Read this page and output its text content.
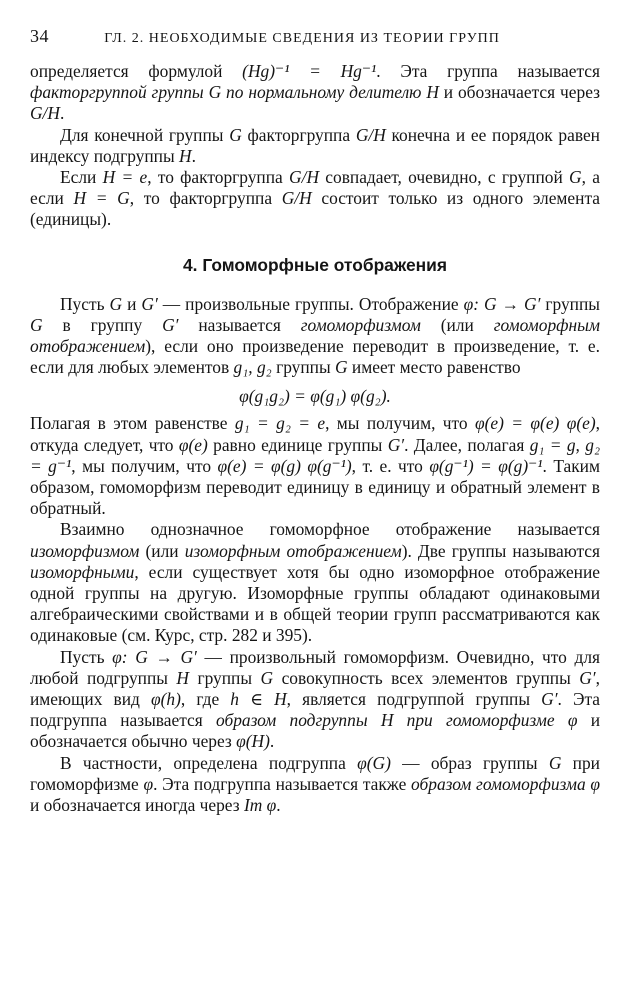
34	ГЛ. 2. НЕОБХОДИМЫЕ СВЕДЕНИЯ ИЗ ТЕОРИИ ГРУПП

определяется формулой (Hg)⁻¹ = Hg⁻¹. Эта группа называется факторгруппой группы G по нормальному делителю H и обозначается через G/H.

Для конечной группы G факторгруппа G/H конечна и ее порядок равен индексу подгруппы H.

Если H = e, то факторгруппа G/H совпадает, очевидно, с группой G, а если H = G, то факторгруппа G/H состоит только из одного элемента (единицы).

4. Гомоморфные отображения

Пусть G и G′ — произвольные группы. Отображение φ: G → G′ группы G в группу G′ называется гомоморфизмом (или гомоморфным отображением), если оно произведение переводит в произведение, т. е. если для любых элементов g₁, g₂ группы G имеет место равенство

φ(g₁g₂) = φ(g₁) φ(g₂).

Полагая в этом равенстве g₁ = g₂ = e, мы получим, что φ(e) = φ(e) φ(e), откуда следует, что φ(e) равно единице группы G′. Далее, полагая g₁ = g, g₂ = g⁻¹, мы получим, что φ(e) = φ(g) φ(g⁻¹), т. е. что φ(g⁻¹) = φ(g)⁻¹. Таким образом, гомоморфизм переводит единицу в единицу и обратный элемент в обратный.

Взаимно однозначное гомоморфное отображение называется изоморфизмом (или изоморфным отображением). Две группы называются изоморфными, если существует хотя бы одно изоморфное отображение одной группы на другую. Изоморфные группы обладают одинаковыми алгебраическими свойствами и в общей теории групп рассматриваются как одинаковые (см. Курс, стр. 282 и 395).

Пусть φ: G → G′ — произвольный гомоморфизм. Очевидно, что для любой подгруппы H группы G совокупность всех элементов группы G′, имеющих вид φ(h), где h ∈ H, является подгруппой группы G′. Эта подгруппа называется образом подгруппы H при гомоморфизме φ и обозначается обычно через φ(H).

В частности, определена подгруппа φ(G) — образ группы G при гомоморфизме φ. Эта подгруппа называется также образом гомоморфизма φ и обозначается иногда через Im φ.
